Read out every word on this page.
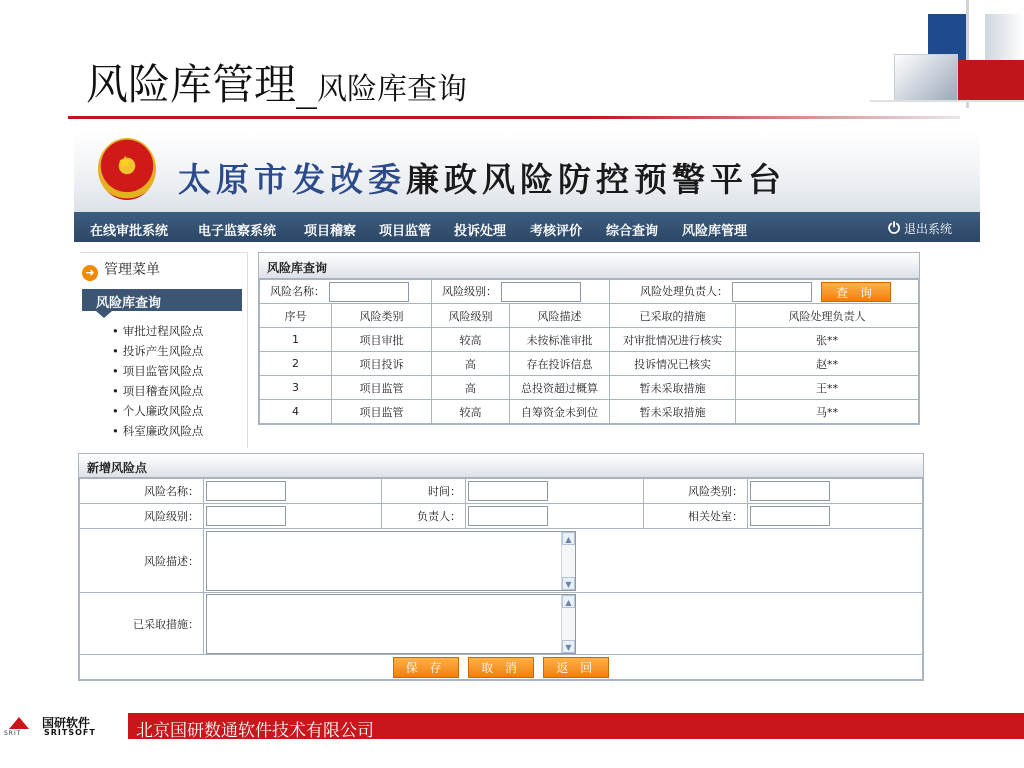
风险库管理_风险库查询
★ 太原市发改委廉政风险防控预警平台
在线审批系统 电子监察系统 项目稽察 项目监管 投诉处理 考核评价 综合查询 风险库管理	⏻ 退出系统
➜ 管理菜单
风险库查询
• 审批过程风险点
• 投诉产生风险点
• 项目监管风险点
• 项目稽查风险点
• 个人廉政风险点
• 科室廉政风险点
风险库查询
风险名称：		风险级别：		风险处理负责人： 查 询	
序号	风险类别	风险级别	风险描述	已采取的措施	风险处理负责人
1	项目审批	较高	未按标准审批	对审批情况进行核实	张**
2	项目投诉	高	存在投诉信息	投诉情况已核实	赵**
3	项目监管	高	总投资超过概算	暂未采取措施	王**
4	项目监管	较高	自筹资金未到位	暂未采取措施	马**
新增风险点
风险名称：		时间：		风险类别：	
风险级别：		负责人：		相关处室：	
风险描述：	▲
▼				

已采取措施：	▲
▼				

保 存 取 消 返 回					
SRIT
国研软件
SRITSOFT 北京国研数通软件技术有限公司
